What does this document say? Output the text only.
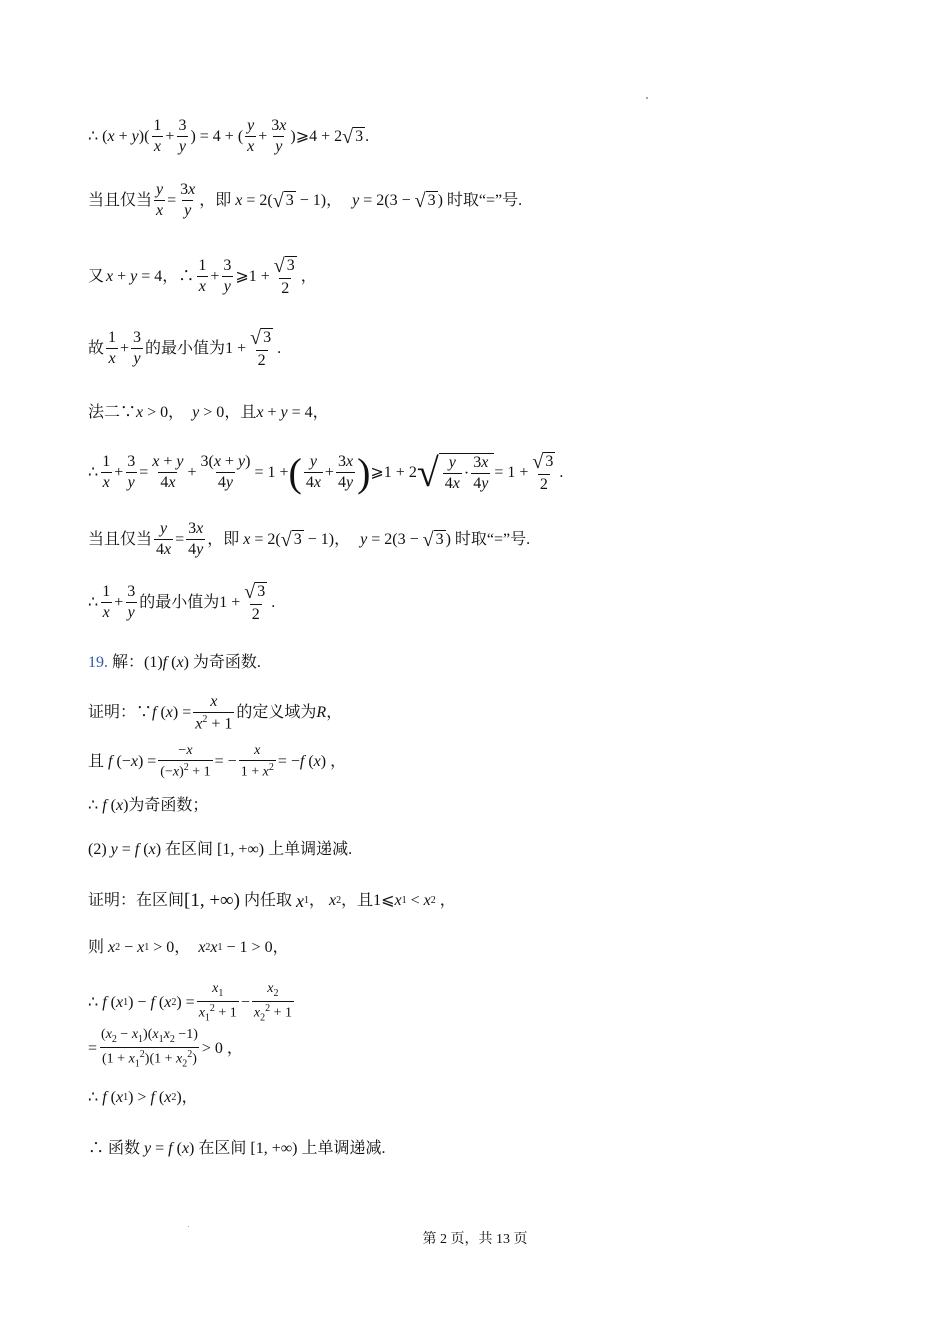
∴ ( x + y )(
1
x
+ $\frac{3}{y}$ ) = 4 + (
y
x
+ $\frac{3x}{y}$ )⩾4 + 2 √ 3 .
当且仅当 $\frac{y}{x} = \frac{3x}{y}$ ，即 x = 2( √ 3 − 1) ， y = 2(3 − √ 3 ) 时取“=”号.
又 x + y = 4 ，∴
1
x
+ $\frac{3}{y}$ ⩾1 + $\frac{√ 3}{2}$ ，
故
1
x
+ $\frac{3}{y}$ 的最小值为 $1 + \frac{√ 3}{2}$ .
法二∵ x > 0 ， y > 0 ，且 x + y = 4 ，
∴
1
x
+ $\frac{3}{y} = \frac{x + y}{4x} + \frac{3(x + y)}{4y} = 1$ + ( y
4x
+ $\frac{3x}{4y}$ ) ⩾1 + 2 √ y
4x
·
3x
4y
= $1 + \frac{√ 3}{2}$ .
当且仅当 $\frac{y}{4x} = \frac{3x}{4y}$ ，即 x = 2( √ 3 − 1) ， y = 2(3 − √ 3 ) 时取“=”号.
∴
1
x
+ $\frac{3}{y}$ 的最小值为 $1 + \frac{√ 3}{2}$ .
19. 解：(1) f ( x ) 为奇函数.
证明：∵ f ( x ) = $\frac{x}{x^2 + 1}$ 的定义域为 R ，
且 f (− x ) = $\frac{-x}{(-x)^2 + 1}$ = − $\frac{x}{1 + x^2}$ = − f ( x ) ，
∴ f ( x ) 为奇函数；
(2) y = f ( x ) 在区间 [1, +∞) 上单调递减.
证明：在区间 [1, +∞) 内任取 x 1 ， x 2 ，且 1⩽ x 1 < x 2 ，
则 x 2 − x 1 > 0 ， x 2 x 1 − 1 > 0 ，
∴ f ( x 1 ) − f ( x 2 ) = $\frac{x_1}{x_1^2 + 1} - \frac{x_2}{x_2^2 + 1}$
= $\frac{(x_2 - x_1)(x_1x_2 -1)}{(1 + x_1^2)(1 + x_2^2)} > 0$ ，
∴ f ( x 1 ) > f ( x 2 ) ，
∴ 函数 y = f ( x ) 在区间 [1, +∞) 上单调递减.
第 2 页，共 13 页
